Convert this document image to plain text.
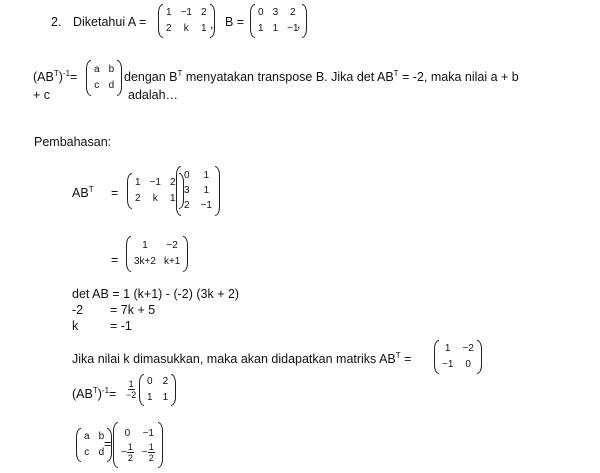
2. Diketahui A =
1 −1 2
2	k	1 , B =
0 3 2
1 1 −1
,
$(AB^T)^{-1}=$
a b
c d
dengan $B^T$ menyatakan transpose B. Jika $\det AB^T = -2$, maka nilai a + b
+ c	adalah…
Pembahasan:
$AB^T$ =
1 −1 2
2	k	1
0 1
3 1
2 −1
=
1	−2
3k+2 k+1
det AB = 1 (k+1) - (-2) (3k + 2)
-2 = 7k + 5
k	= -1
Jika nilai k dimasukkan, maka akan didapatkan matriks $AB^T$ =
1 −2
−1 0
$(AB^T)^{-1}= \frac{1}{-2} 0$ 2
1 1
a b
c d
=
0	−1
− $\frac{1}{2} - \frac{1}{2}$
